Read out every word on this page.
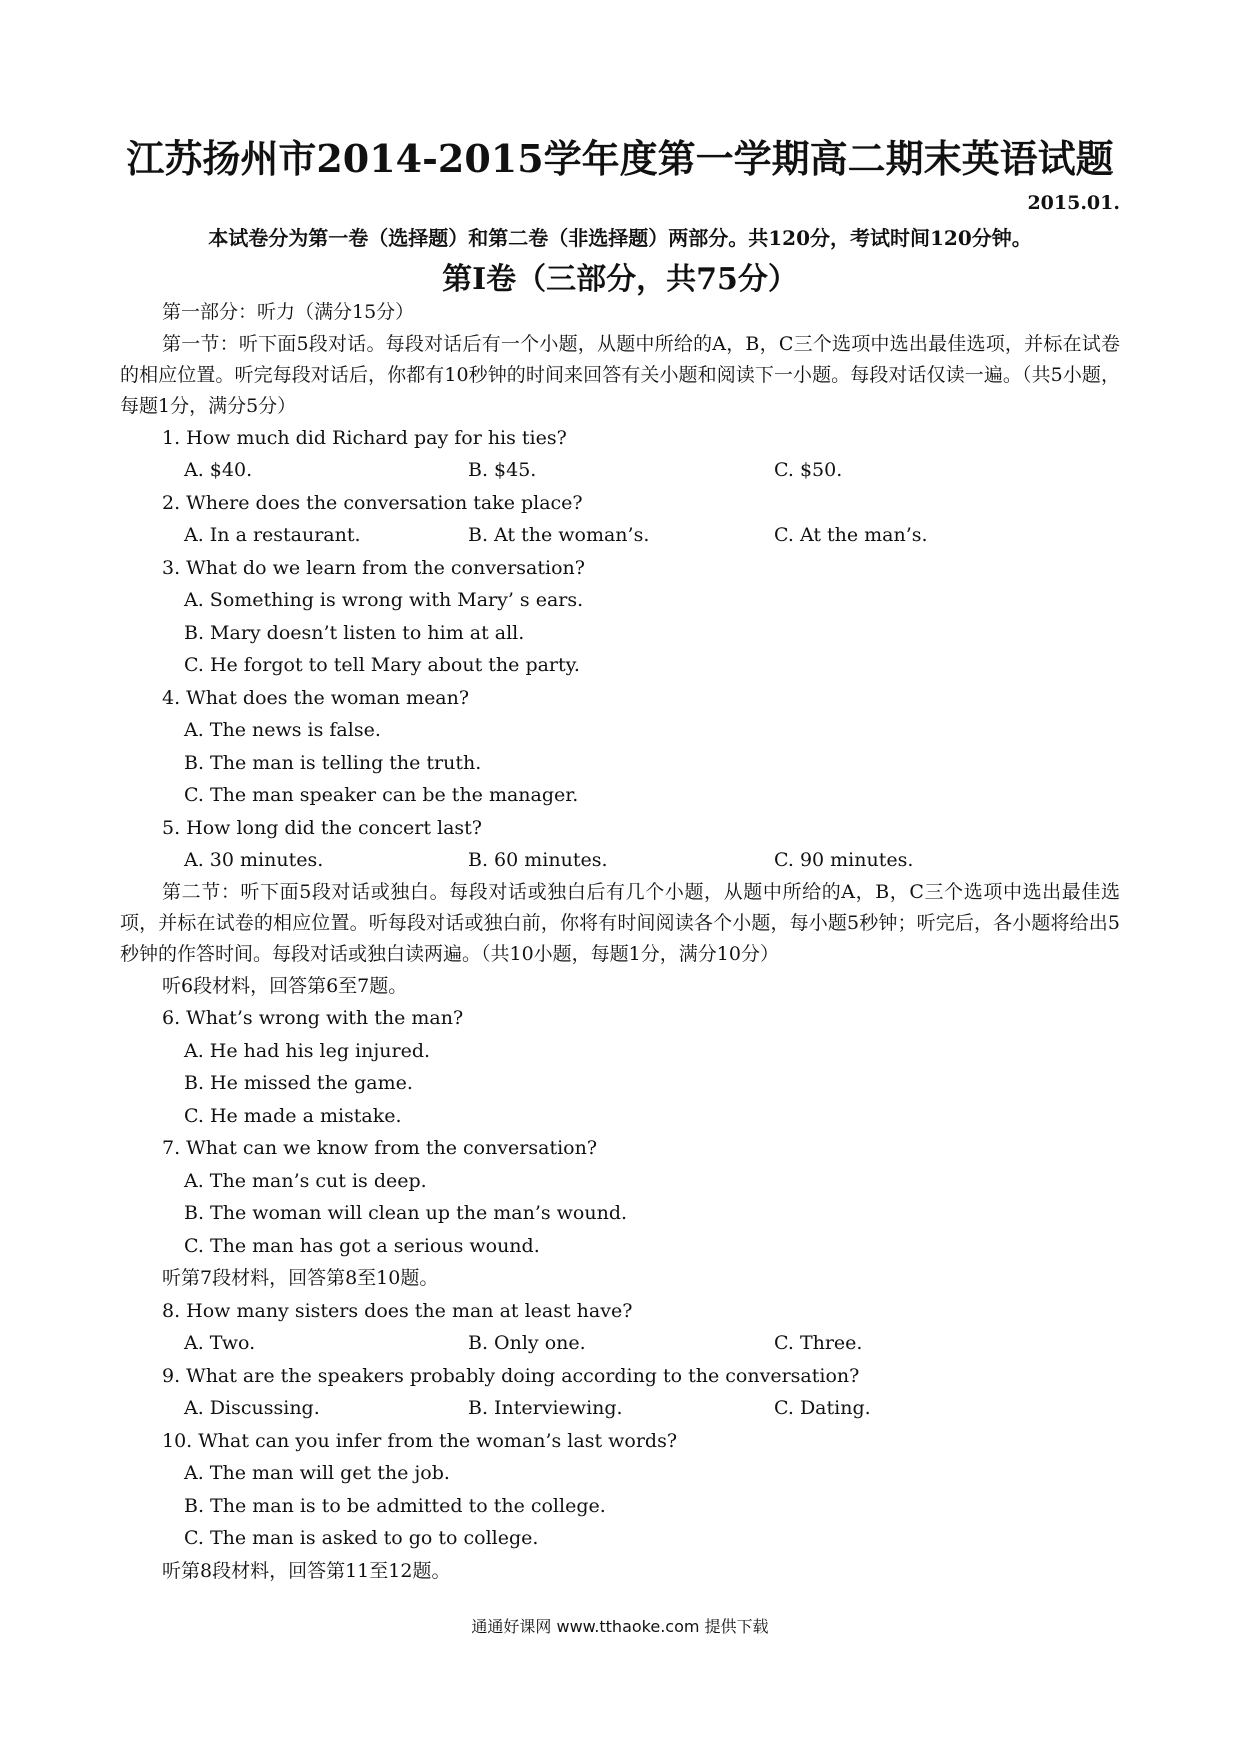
江苏扬州市2014-2015学年度第一学期高二期末英语试题
2015.01.
本试卷分为第一卷（选择题）和第二卷（非选择题）两部分。共120分，考试时间120分钟。
第I卷（三部分，共75分）
第一部分：听力（满分15分）

第一节：听下面5段对话。每段对话后有一个小题，从题中所给的A，B，C三个选项中选出最佳选项，并标在试卷的相应位置。听完每段对话后，你都有10秒钟的时间来回答有关小题和阅读下一小题。每段对话仅读一遍。（共5小题，每题1分，满分5分）

1. How much did Richard pay for his ties?
A. $40.	B. $45.	C. $50.
2. Where does the conversation take place?
A. In a restaurant.	B. At the woman’s.	C. At the man’s.
3. What do we learn from the conversation?
A. Something is wrong with Mary’ s ears.
B. Mary doesn’t listen to him at all.
C. He forgot to tell Mary about the party.
4. What does the woman mean?
A. The news is false.
B. The man is telling the truth.
C. The man speaker can be the manager.
5. How long did the concert last?
A. 30 minutes.	B. 60 minutes.	C. 90 minutes.

第二节：听下面5段对话或独白。每段对话或独白后有几个小题，从题中所给的A，B，C三个选项中选出最佳选项，并标在试卷的相应位置。听每段对话或独白前，你将有时间阅读各个小题，每小题5秒钟；听完后，各小题将给出5秒钟的作答时间。每段对话或独白读两遍。（共10小题，每题1分，满分10分）

听6段材料，回答第6至7题。
6. What’s wrong with the man?
A. He had his leg injured.
B. He missed the game.
C. He made a mistake.
7. What can we know from the conversation?
A. The man’s cut is deep.
B. The woman will clean up the man’s wound.
C. The man has got a serious wound.
听第7段材料，回答第8至10题。
8. How many sisters does the man at least have?
A. Two.	B. Only one.	C. Three.
9. What are the speakers probably doing according to the conversation?
A. Discussing.	B. Interviewing.	C. Dating.
10. What can you infer from the woman’s last words?
A. The man will get the job.
B. The man is to be admitted to the college.
C. The man is asked to go to college.
听第8段材料，回答第11至12题。
通通好课网 www.tthaoke.com 提供下载
